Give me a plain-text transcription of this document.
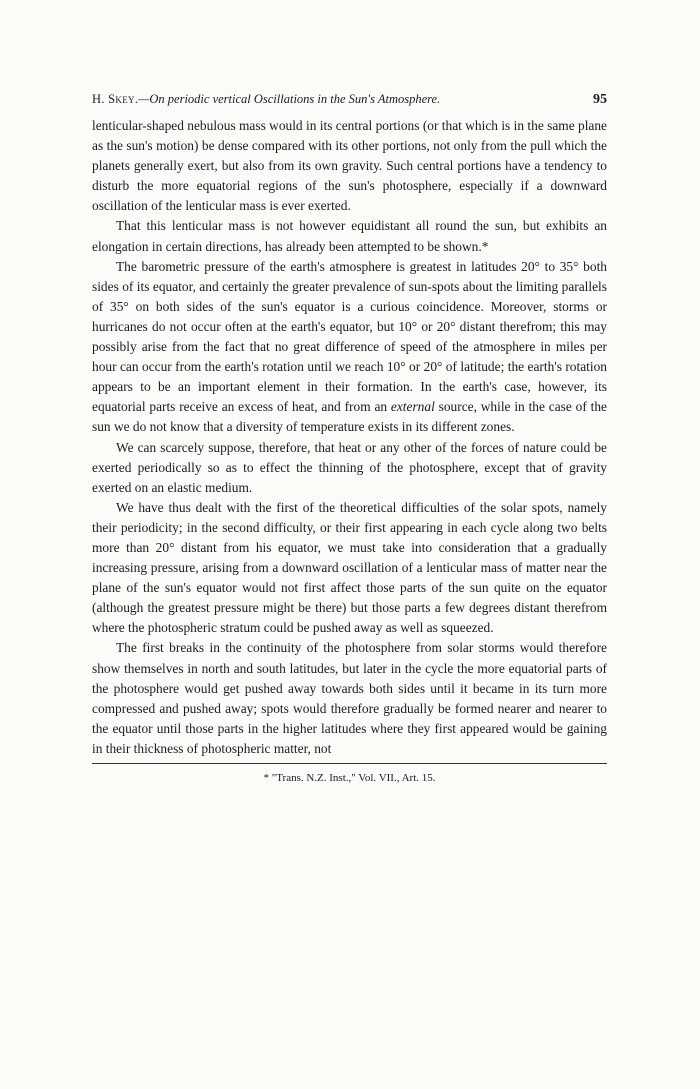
H. Skey.—On periodic vertical Oscillations in the Sun's Atmosphere.	95

lenticular-shaped nebulous mass would in its central portions (or that which is in the same plane as the sun's motion) be dense compared with its other portions, not only from the pull which the planets generally exert, but also from its own gravity. Such central portions have a tendency to disturb the more equatorial regions of the sun's photosphere, especially if a downward oscillation of the lenticular mass is ever exerted.

That this lenticular mass is not however equidistant all round the sun, but exhibits an elongation in certain directions, has already been attempted to be shown.*

The barometric pressure of the earth's atmosphere is greatest in latitudes 20° to 35° both sides of its equator, and certainly the greater prevalence of sun-spots about the limiting parallels of 35° on both sides of the sun's equator is a curious coincidence. Moreover, storms or hurricanes do not occur often at the earth's equator, but 10° or 20° distant therefrom; this may possibly arise from the fact that no great difference of speed of the atmosphere in miles per hour can occur from the earth's rotation until we reach 10° or 20° of latitude; the earth's rotation appears to be an important element in their formation. In the earth's case, however, its equatorial parts receive an excess of heat, and from an external source, while in the case of the sun we do not know that a diversity of temperature exists in its different zones.

We can scarcely suppose, therefore, that heat or any other of the forces of nature could be exerted periodically so as to effect the thinning of the photosphere, except that of gravity exerted on an elastic medium.

We have thus dealt with the first of the theoretical difficulties of the solar spots, namely their periodicity; in the second difficulty, or their first appearing in each cycle along two belts more than 20° distant from his equator, we must take into consideration that a gradually increasing pressure, arising from a downward oscillation of a lenticular mass of matter near the plane of the sun's equator would not first affect those parts of the sun quite on the equator (although the greatest pressure might be there) but those parts a few degrees distant therefrom where the photospheric stratum could be pushed away as well as squeezed.

The first breaks in the continuity of the photosphere from solar storms would therefore show themselves in north and south latitudes, but later in the cycle the more equatorial parts of the photosphere would get pushed away towards both sides until it became in its turn more compressed and pushed away; spots would therefore gradually be formed nearer and nearer to the equator until those parts in the higher latitudes where they first appeared would be gaining in their thickness of photospheric matter, not

* "Trans. N.Z. Inst.," Vol. VII., Art. 15.
